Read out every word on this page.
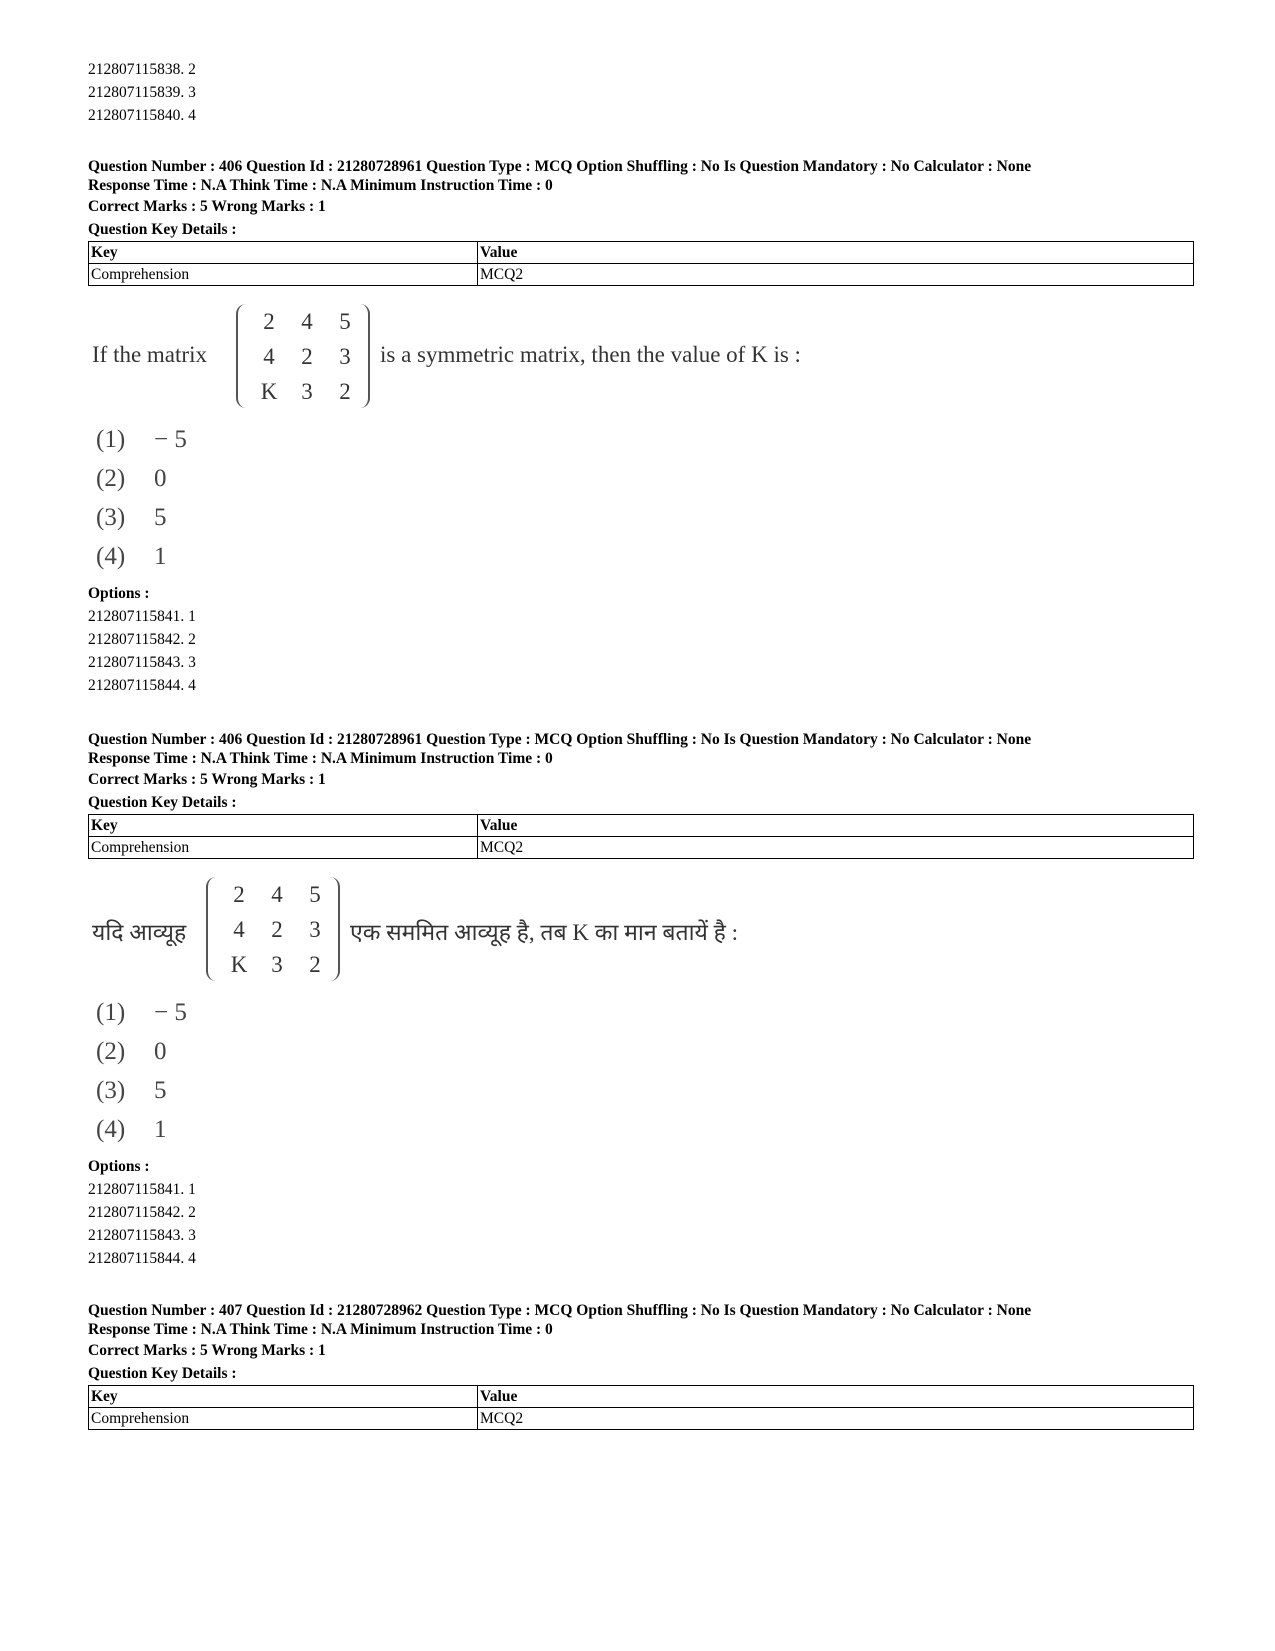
212807115838. 2
212807115839. 3
212807115840. 4
Question Number : 406 Question Id : 21280728961 Question Type : MCQ Option Shuffling : No Is Question Mandatory : No Calculator : None
Response Time : N.A Think Time : N.A Minimum Instruction Time : 0
Correct Marks : 5 Wrong Marks : 1
Question Key Details :
Key	Value
Comprehension	MCQ2
If the matrix
2	4	5
4	2	3
K	3	2
is a symmetric matrix, then the value of K is :
(1) − 5
(2) 0
(3) 5
(4) 1
Options :
212807115841. 1
212807115842. 2
212807115843. 3
212807115844. 4
Question Number : 406 Question Id : 21280728961 Question Type : MCQ Option Shuffling : No Is Question Mandatory : No Calculator : None
Response Time : N.A Think Time : N.A Minimum Instruction Time : 0
Correct Marks : 5 Wrong Marks : 1
Question Key Details :
Key	Value
Comprehension	MCQ2
यदि आव्यूह
2	4	5
4	2	3
K	3	2
एक सममित आव्यूह है, तब K का मान बतायें है :
(1) − 5
(2) 0
(3) 5
(4) 1
Options :
212807115841. 1
212807115842. 2
212807115843. 3
212807115844. 4
Question Number : 407 Question Id : 21280728962 Question Type : MCQ Option Shuffling : No Is Question Mandatory : No Calculator : None
Response Time : N.A Think Time : N.A Minimum Instruction Time : 0
Correct Marks : 5 Wrong Marks : 1
Question Key Details :
Key	Value
Comprehension	MCQ2
